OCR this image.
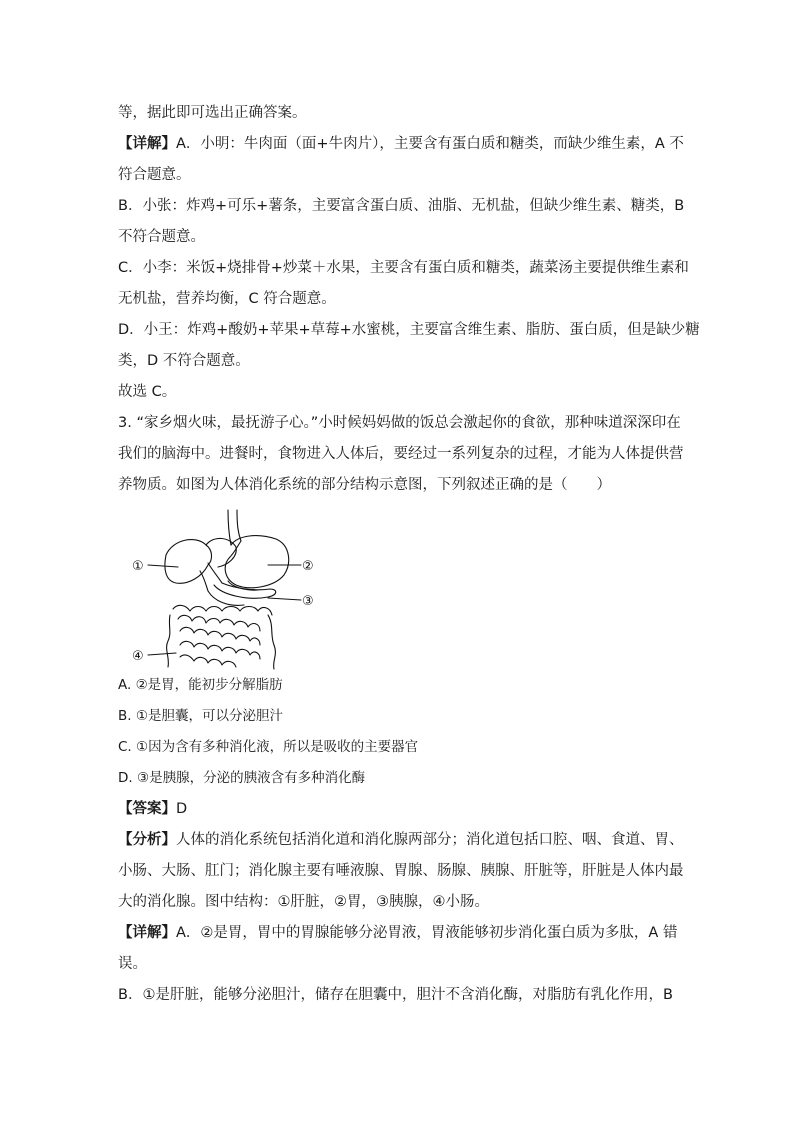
等，据此即可选出正确答案。
【详解】A．小明：牛肉面（面+牛肉片），主要含有蛋白质和糖类，而缺少维生素，A 不
符合题意。
B．小张：炸鸡+可乐+薯条，主要富含蛋白质、油脂、无机盐，但缺少维生素、糖类，B
不符合题意。
C．小李：米饭+烧排骨+炒菜＋水果，主要含有蛋白质和糖类，蔬菜汤主要提供维生素和
无机盐，营养均衡，C 符合题意。
D．小王：炸鸡+酸奶+苹果+草莓+水蜜桃，主要富含维生素、脂肪、蛋白质，但是缺少糖
类，D 不符合题意。
故选 C。
3. “家乡烟火味，最抚游子心。”小时候妈妈做的饭总会激起你的食欲，那种味道深深印在
我们的脑海中。进餐时，食物进入人体后，要经过一系列复杂的过程，才能为人体提供营
养物质。如图为人体消化系统的部分结构示意图，下列叙述正确的是（　　）
①	②
③
④
A. ②是胃，能初步分解脂肪
B. ①是胆囊，可以分泌胆汁
C. ①因为含有多种消化液，所以是吸收的主要器官
D. ③是胰腺，分泌的胰液含有多种消化酶
【答案】D
【分析】人体的消化系统包括消化道和消化腺两部分；消化道包括口腔、咽、食道、胃、
小肠、大肠、肛门；消化腺主要有唾液腺、胃腺、肠腺、胰腺、肝脏等，肝脏是人体内最
大的消化腺。图中结构：①肝脏，②胃，③胰腺，④小肠。
【详解】A．②是胃，胃中的胃腺能够分泌胃液，胃液能够初步消化蛋白质为多肽，A 错
误。
B．①是肝脏，能够分泌胆汁，储存在胆囊中，胆汁不含消化酶，对脂肪有乳化作用，B
